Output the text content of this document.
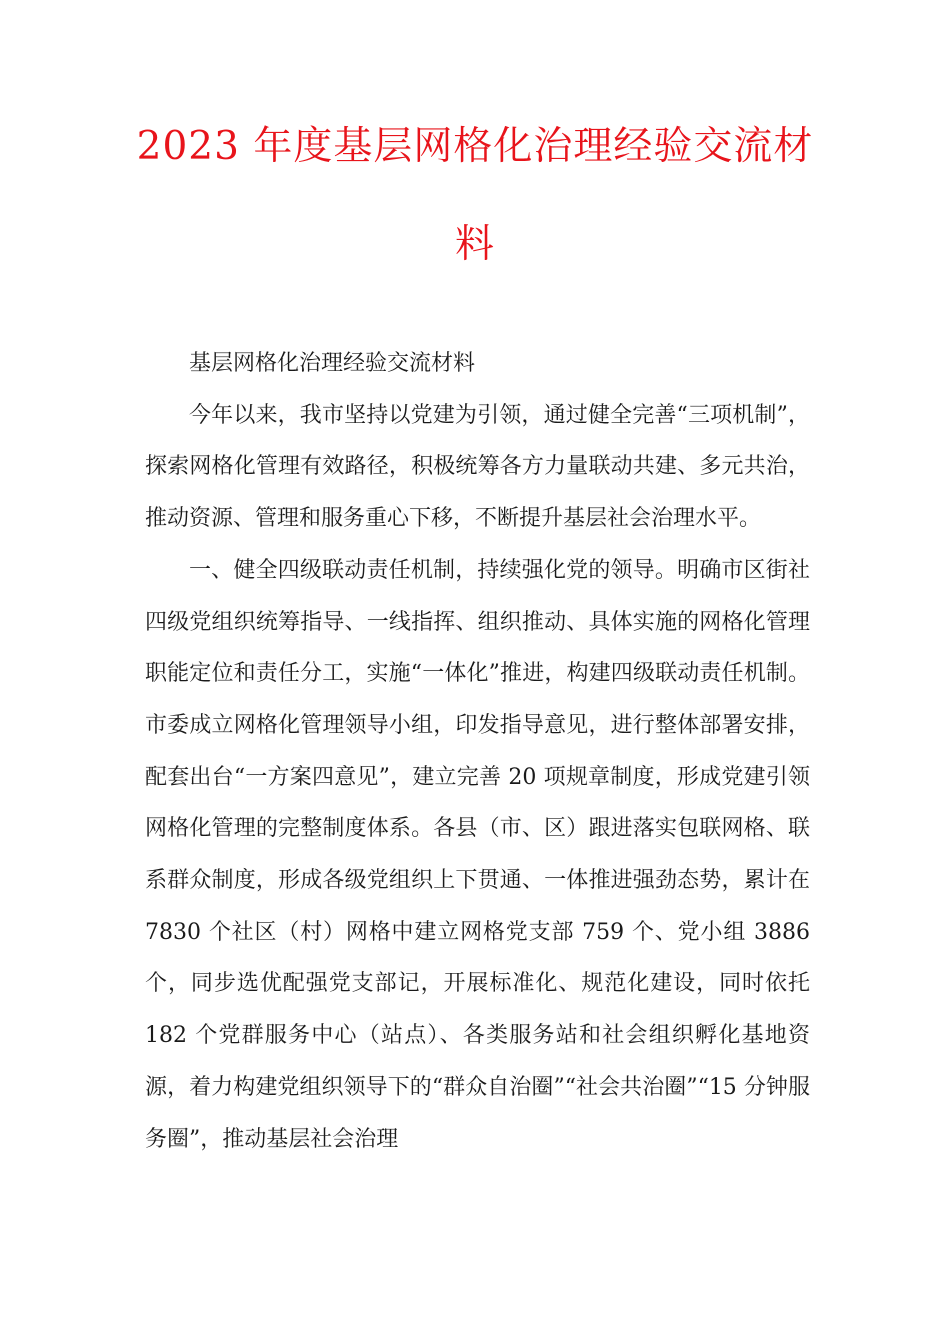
2023 年度基层网格化治理经验交流材
料

基层网格化治理经验交流材料

今年以来，我市坚持以党建为引领，通过健全完善“三项机制”，探索网格化管理有效路径，积极统筹各方力量联动共建、多元共治，推动资源、管理和服务重心下移，不断提升基层社会治理水平。

一、健全四级联动责任机制，持续强化党的领导。明确市区街社四级党组织统筹指导、一线指挥、组织推动、具体实施的网格化管理职能定位和责任分工，实施“一体化”推进，构建四级联动责任机制。市委成立网格化管理领导小组，印发指导意见，进行整体部署安排，配套出台“一方案四意见”，建立完善 20 项规章制度，形成党建引领网格化管理的完整制度体系。各县（市、区）跟进落实包联网格、联系群众制度，形成各级党组织上下贯通、一体推进强劲态势，累计在 7830 个社区（村）网格中建立网格党支部 759 个、党小组 3886 个，同步选优配强党支部记，开展标准化、规范化建设，同时依托 182 个党群服务中心（站点）、各类服务站和社会组织孵化基地资源，着力构建党组织领导下的“群众自治圈”“社会共治圈”“15 分钟服务圈”，推动基层社会治理
